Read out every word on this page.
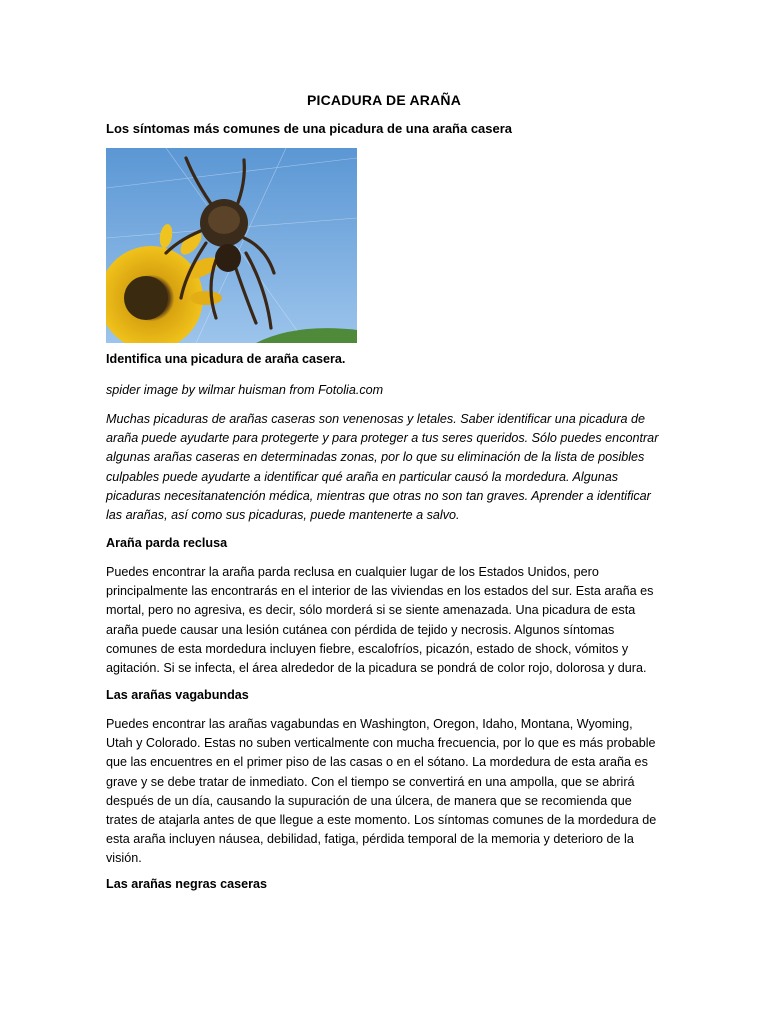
PICADURA DE ARAÑA
Los síntomas más comunes de una picadura de una araña casera
Identifica una picadura de araña casera.
spider image by wilmar huisman from Fotolia.com
Muchas picaduras de arañas caseras son venenosas y letales. Saber identificar una picadura de araña puede ayudarte para protegerte y para proteger a tus seres queridos. Sólo puedes encontrar algunas arañas caseras en determinadas zonas, por lo que su eliminación de la lista de posibles culpables puede ayudarte a identificar qué araña en particular causó la mordedura. Algunas picaduras necesitanatención médica, mientras que otras no son tan graves. Aprender a identificar las arañas, así como sus picaduras, puede mantenerte a salvo.
Araña parda reclusa
Puedes encontrar la araña parda reclusa en cualquier lugar de los Estados Unidos, pero principalmente las encontrarás en el interior de las viviendas en los estados del sur. Esta araña es mortal, pero no agresiva, es decir, sólo morderá si se siente amenazada. Una picadura de esta araña puede causar una lesión cutánea con pérdida de tejido y necrosis. Algunos síntomas comunes de esta mordedura incluyen fiebre, escalofríos, picazón, estado de shock, vómitos y agitación. Si se infecta, el área alrededor de la picadura se pondrá de color rojo, dolorosa y dura.
Las arañas vagabundas
Puedes encontrar las arañas vagabundas en Washington, Oregon, Idaho, Montana, Wyoming, Utah y Colorado. Estas no suben verticalmente con mucha frecuencia, por lo que es más probable que las encuentres en el primer piso de las casas o en el sótano. La mordedura de esta araña es grave y se debe tratar de inmediato. Con el tiempo se convertirá en una ampolla, que se abrirá después de un día, causando la supuración de una úlcera, de manera que se recomienda que trates de atajarla antes de que llegue a este momento. Los síntomas comunes de la mordedura de esta araña incluyen náusea, debilidad, fatiga, pérdida temporal de la memoria y deterioro de la visión.
Las arañas negras caseras
